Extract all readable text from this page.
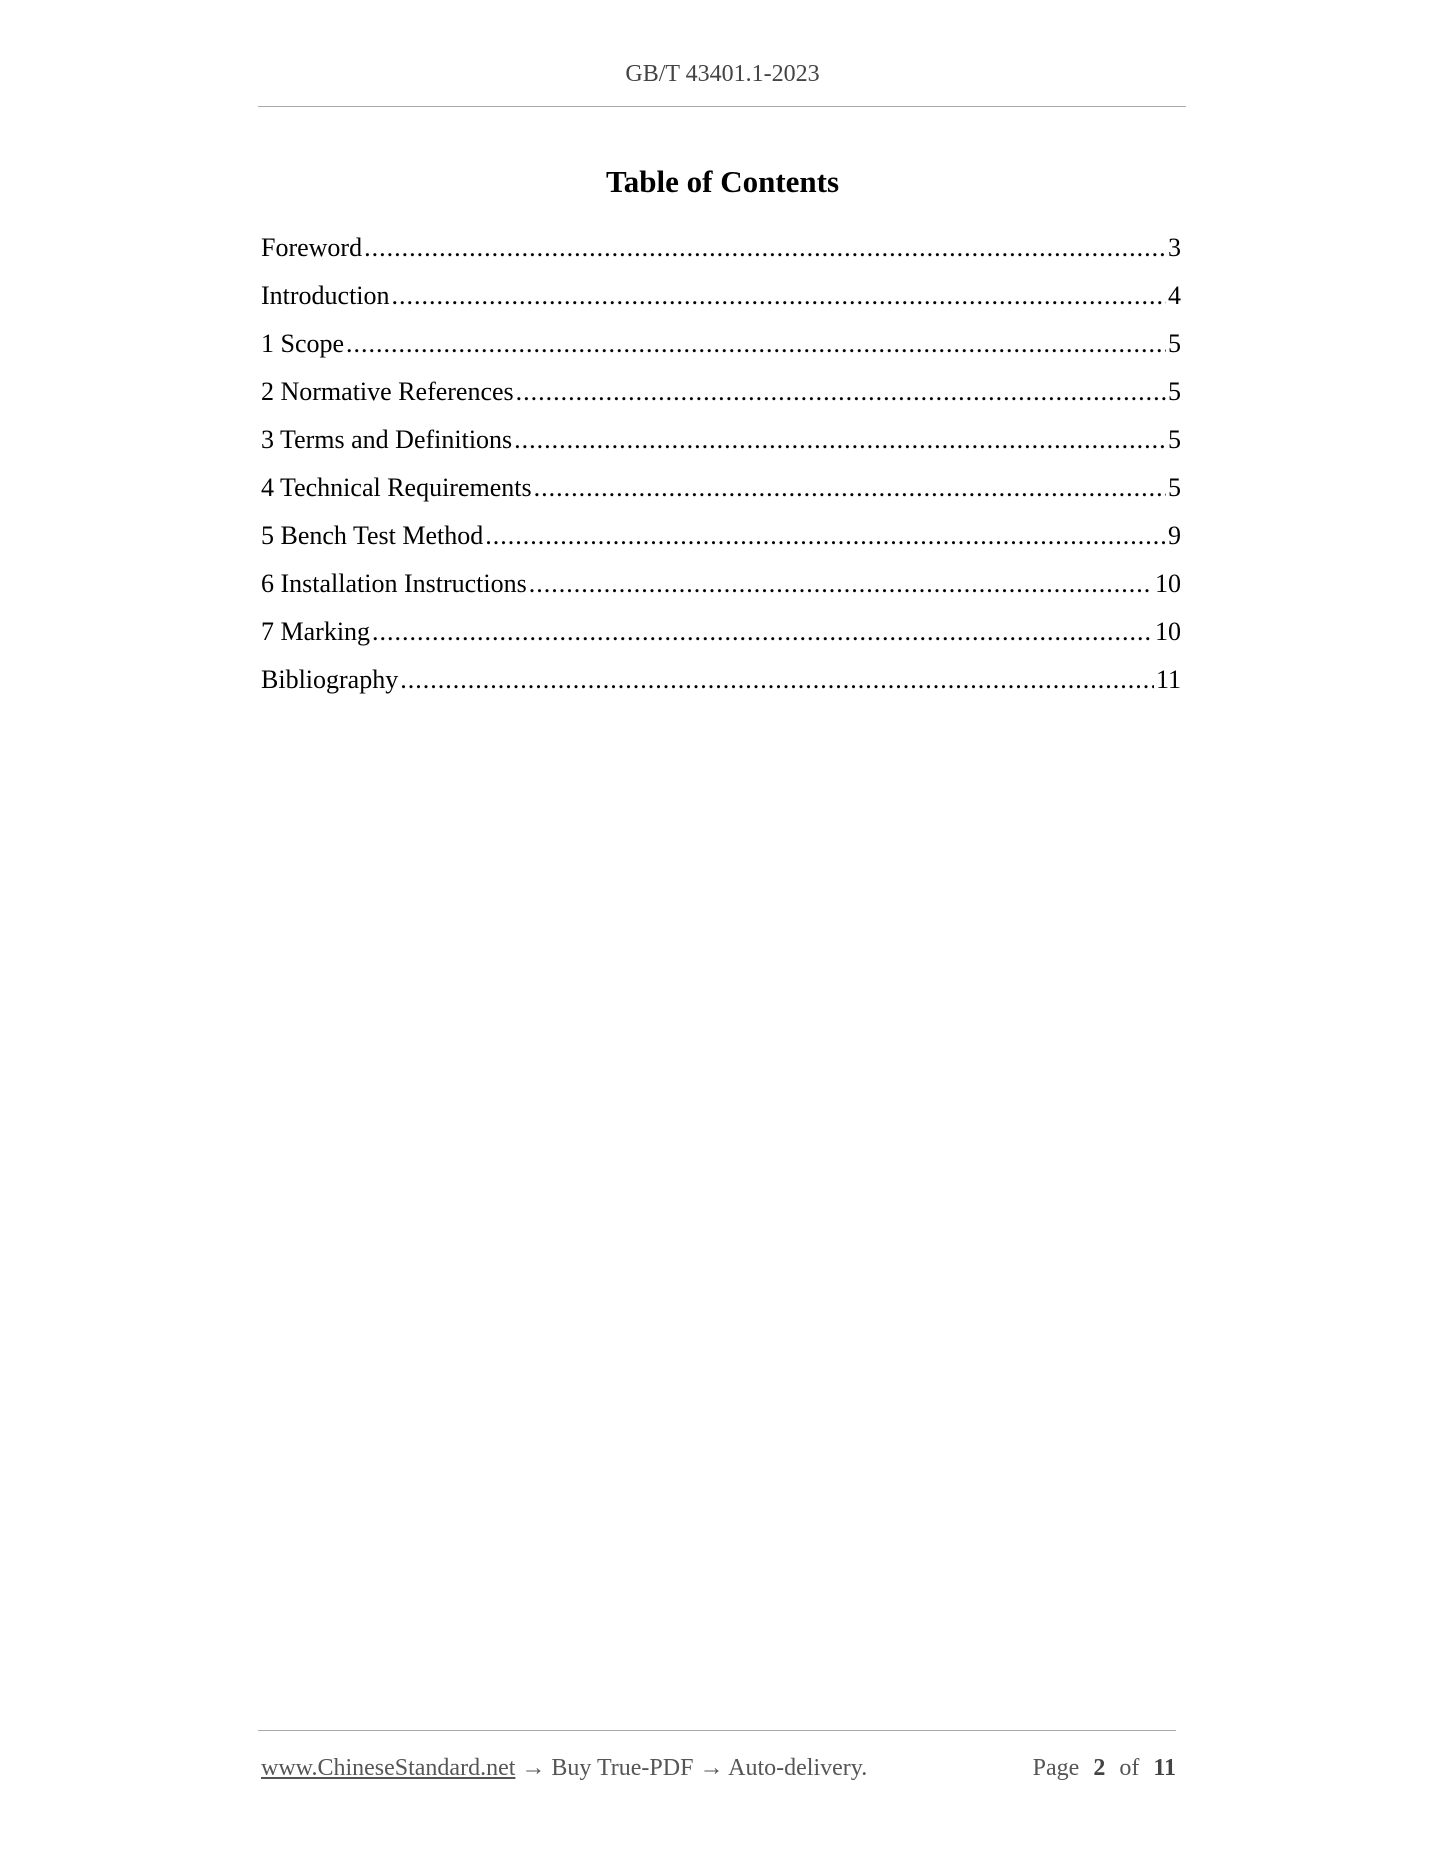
GB/T 43401.1-2023
Table of Contents
Foreword .....	3
Introduction .....	4
1 Scope .....	5
2 Normative References .....	5
3 Terms and Definitions .....	5
4 Technical Requirements .....	5
5 Bench Test Method .....	9
6 Installation Instructions .....	10
7 Marking .....	10
Bibliography .....	11
www.ChineseStandard.net → Buy True-PDF → Auto-delivery.	Page 2 of 11
